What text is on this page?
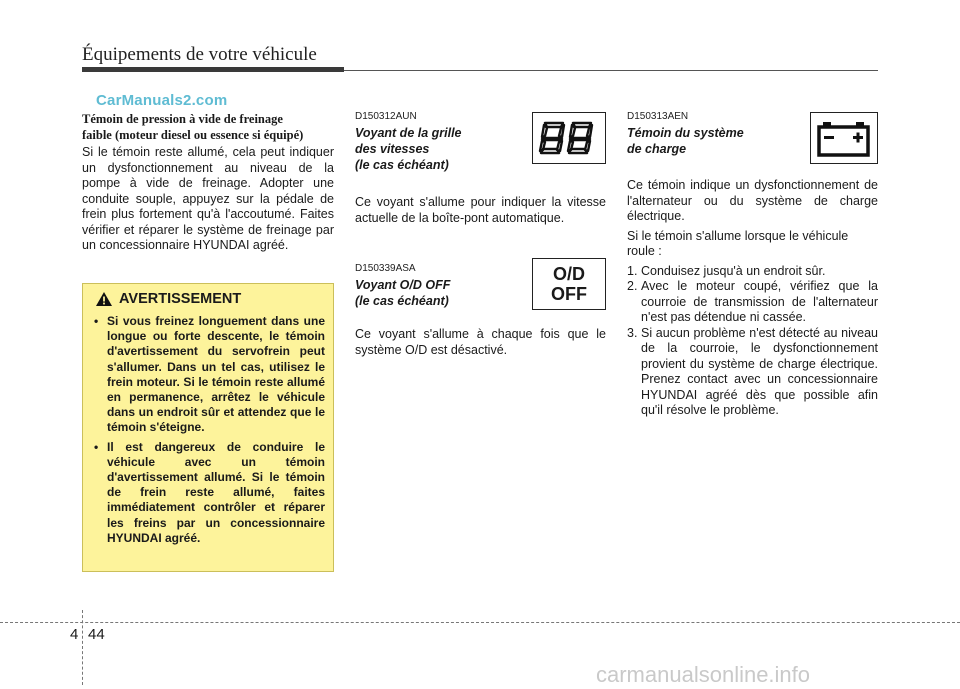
Équipements de votre véhicule
CarManuals2.com
Témoin de pression à vide de freinage
faible (moteur diesel ou essence si équipé)

Si le témoin reste allumé, cela peut indiquer un dysfonctionnement au niveau de la pompe à vide de freinage. Adopter une conduite souple, appuyez sur la pédale de frein plus fortement qu'à l'accoutumé. Faites vérifier et réparer le système de freinage par un concessionnaire HYUNDAI agréé.

AVERTISSEMENT
• Si vous freinez longuement dans une longue ou forte descente, le témoin d'avertissement du servofrein peut s'allumer. Dans un tel cas, utilisez le frein moteur. Si le témoin reste allumé en permanence, arrêtez le véhicule dans un endroit sûr et attendez que le témoin s'éteigne.
• Il est dangereux de conduire le véhicule avec un témoin d'avertissement allumé. Si le témoin de frein reste allumé, faites immédiatement contrôler et réparer les freins par un concessionnaire HYUNDAI agréé.
D150312AUN
Voyant de la grille
des vitesses
(le cas échéant)

Ce voyant s'allume pour indiquer la vitesse actuelle de la boîte-pont automatique.

D150339ASA
Voyant O/D OFF
(le cas échéant)
O/D
OFF

Ce voyant s'allume à chaque fois que le système O/D est désactivé.

D150313AEN
Témoin du système
de charge

Ce témoin indique un dysfonctionnement de l'alternateur ou du système de charge électrique.

Si le témoin s'allume lorsque le véhicule roule :

1. Conduisez jusqu'à un endroit sûr.
2. Avec le moteur coupé, vérifiez que la courroie de transmission de l'alternateur n'est pas détendue ni cassée.
3. Si aucun problème n'est détecté au niveau de la courroie, le dysfonctionnement provient du système de charge électrique. Prenez contact avec un concessionnaire HYUNDAI agréé dès que possible afin qu'il résolve le problème.
4 44
carmanualsonline.info
